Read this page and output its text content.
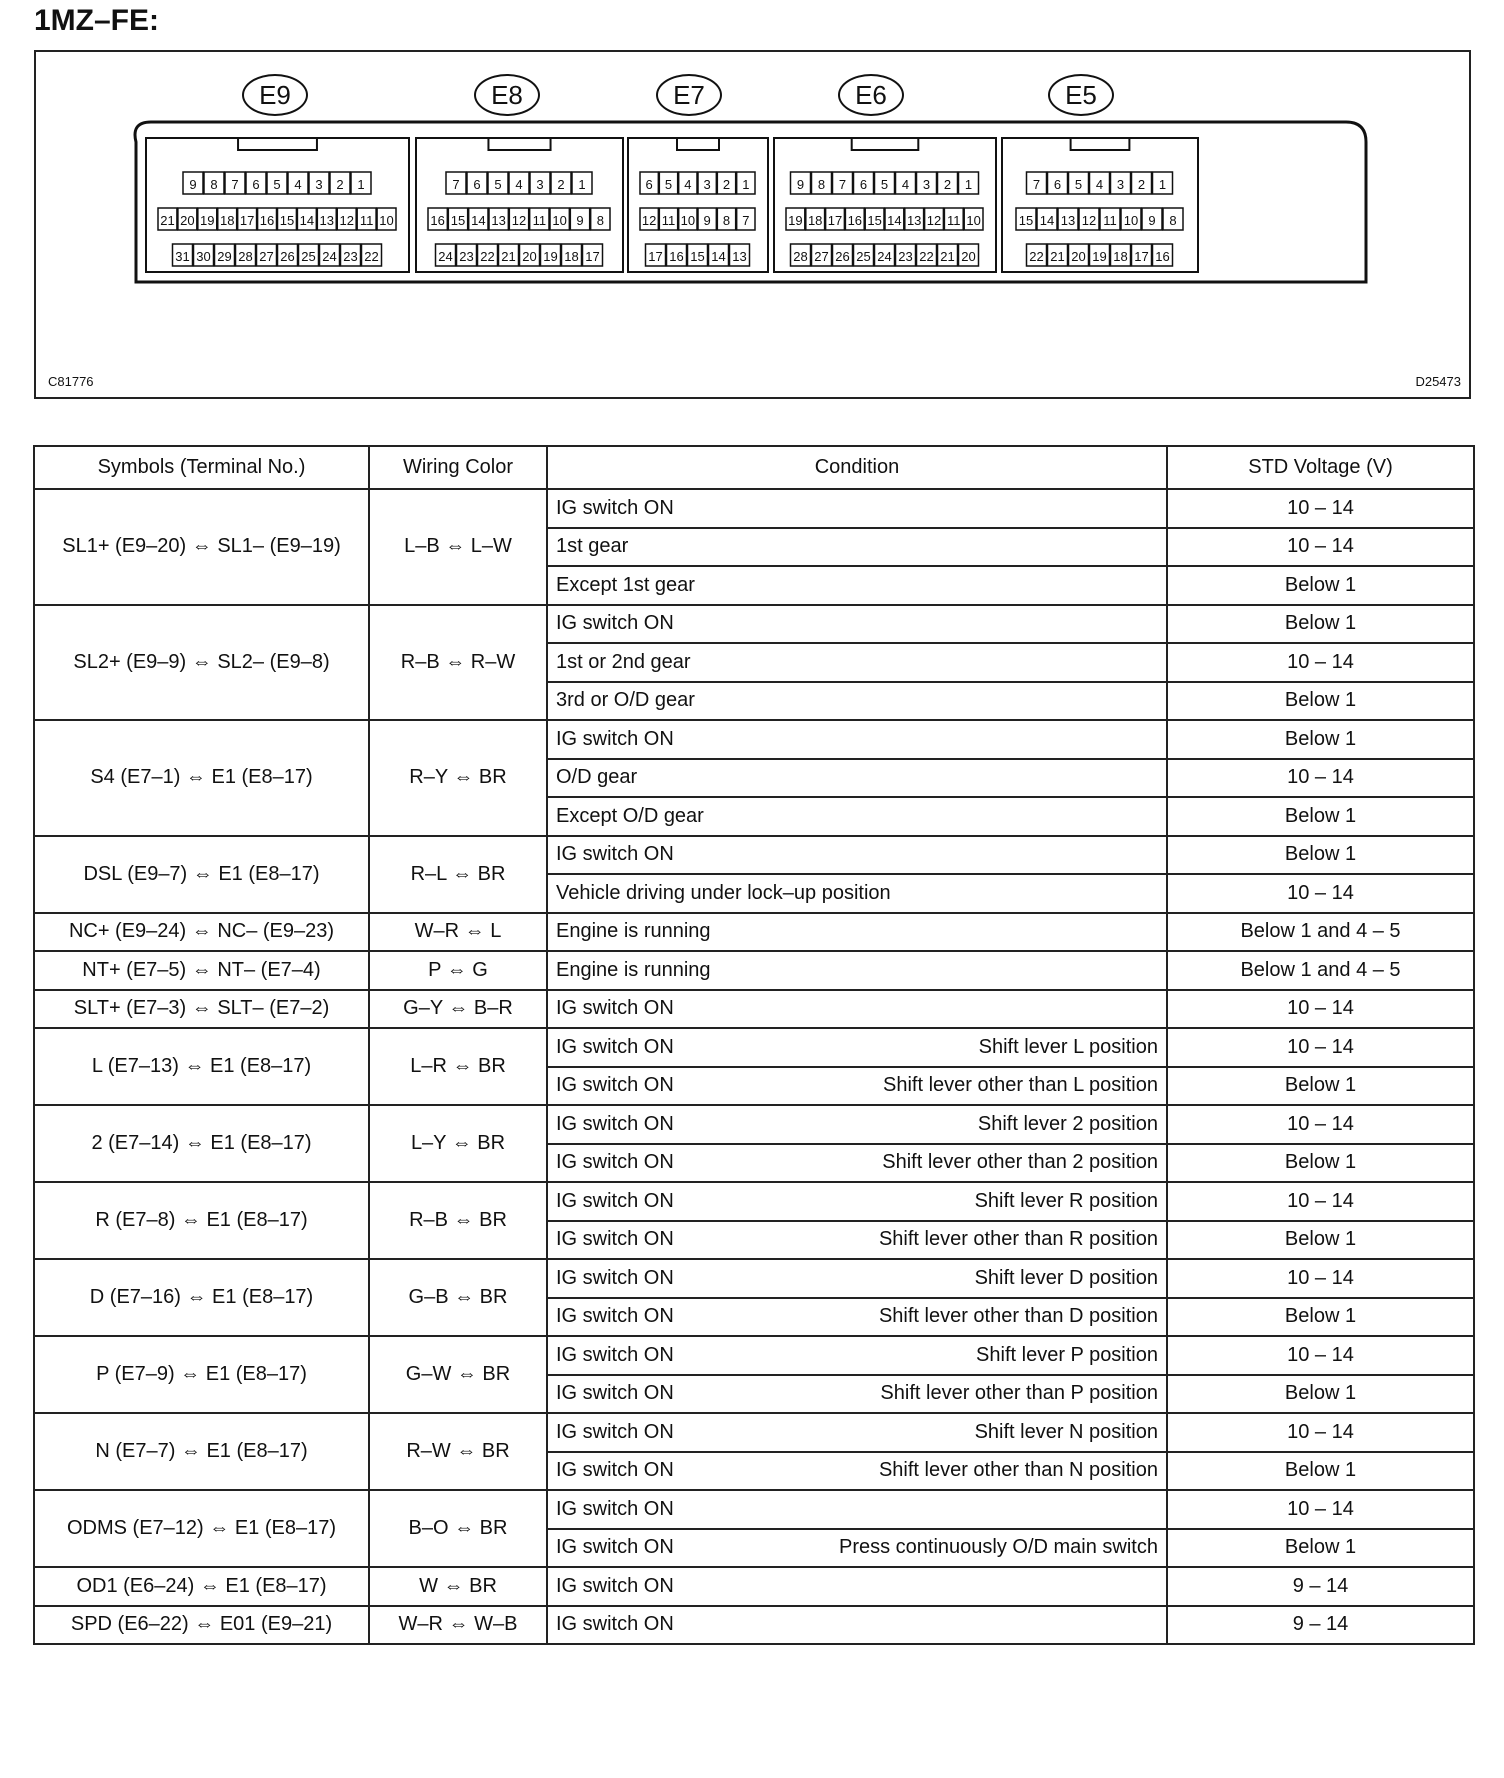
1MZ–FE:
9 8 7 6 5 4 3 2 1
21 20 19 18 17 16 15 14 13 12 11 10
31 30 29 28 27 26 25 24 23 22
7 6 5 4 3 2 1
16 15 14 13 12 11 10 9 8
24 23 22 21 20 19 18 17
6 5 4 3 2 1
12 11 10 9 8 7
17 16 15 14 13
9 8 7 6 5 4 3 2 1
19 18 17 16 15 14 13 12 11 10
28 27 26 25 24 23 22 21 20
7 6 5 4 3 2 1
15 14 13 12 11 10 9 8
22 21 20 19 18 17 16
C81776	D25473
E9	E8	E7	E6	E5
Symbols (Terminal No.)	Wiring Color	Condition	STD Voltage (V)
SL1+ (E9–20) ⇔ SL1– (E9–19)	L–B ⇔ L–W	IG switch ON	10 – 14

		1st gear	10 – 14

		Except 1st gear	Below 1
SL2+ (E9–9) ⇔ SL2– (E9–8)	R–B ⇔ R–W	IG switch ON	Below 1

		1st or 2nd gear	10 – 14

		3rd or O/D gear	Below 1
S4 (E7–1) ⇔ E1 (E8–17)	R–Y ⇔ BR	IG switch ON	Below 1

		O/D gear	10 – 14

		Except O/D gear	Below 1
DSL (E9–7) ⇔ E1 (E8–17)	R–L ⇔ BR	IG switch ON	Below 1

		Vehicle driving under lock–up position	10 – 14
NC+ (E9–24) ⇔ NC– (E9–23)	W–R ⇔ L	Engine is running	Below 1 and 4 – 5
NT+ (E7–5) ⇔ NT– (E7–4)	P ⇔ G	Engine is running	Below 1 and 4 – 5
SLT+ (E7–3) ⇔ SLT– (E7–2)	G–Y ⇔ B–R	IG switch ON	10 – 14
L (E7–13) ⇔ E1 (E8–17)	L–R ⇔ BR	IG switch ON Shift lever L position	10 – 14

		IG switch ON Shift lever other than L position	Below 1
2 (E7–14) ⇔ E1 (E8–17)	L–Y ⇔ BR	IG switch ON Shift lever 2 position	10 – 14

		IG switch ON Shift lever other than 2 position	Below 1
R (E7–8) ⇔ E1 (E8–17)	R–B ⇔ BR	IG switch ON Shift lever R position	10 – 14

		IG switch ON Shift lever other than R position	Below 1
D (E7–16) ⇔ E1 (E8–17)	G–B ⇔ BR	IG switch ON Shift lever D position	10 – 14

		IG switch ON Shift lever other than D position	Below 1
P (E7–9) ⇔ E1 (E8–17)	G–W ⇔ BR	IG switch ON Shift lever P position	10 – 14

		IG switch ON Shift lever other than P position	Below 1
N (E7–7) ⇔ E1 (E8–17)	R–W ⇔ BR	IG switch ON Shift lever N position	10 – 14

		IG switch ON Shift lever other than N position	Below 1
ODMS (E7–12) ⇔ E1 (E8–17)	B–O ⇔ BR	IG switch ON	10 – 14

		IG switch ON Press continuously O/D main switch	Below 1
OD1 (E6–24) ⇔ E1 (E8–17)	W ⇔ BR	IG switch ON	9 – 14
SPD (E6–22) ⇔ E01 (E9–21)	W–R ⇔ W–B	IG switch ON	9 – 14
